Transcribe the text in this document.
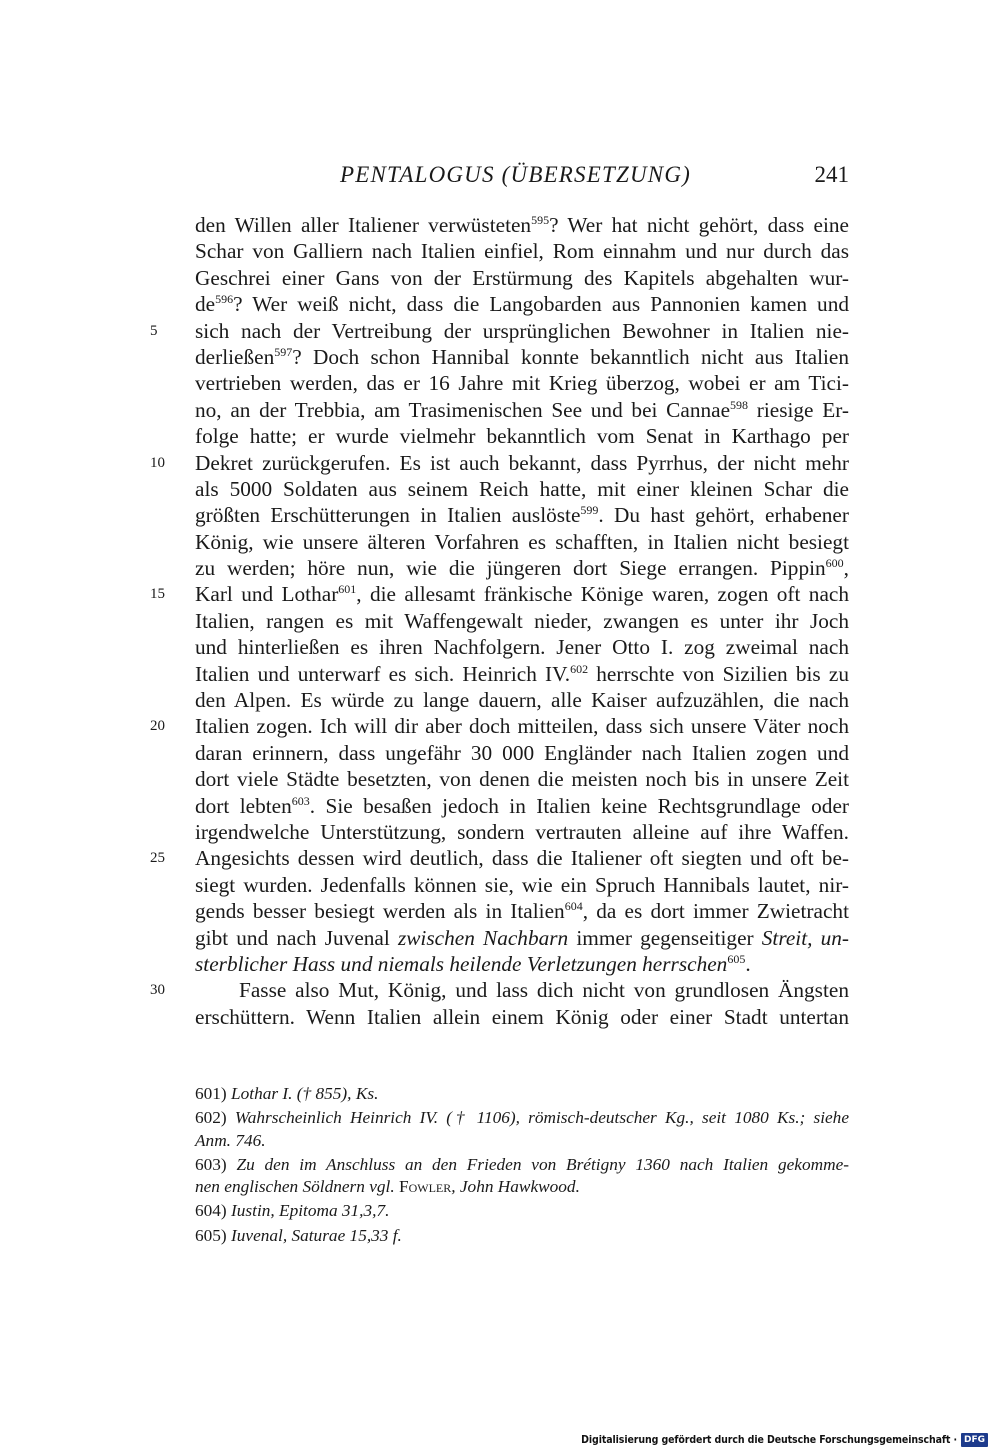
PENTALOGUS (ÜBERSETZUNG)	241
den Willen aller Italiener verwüsteten$^{595}$? Wer hat nicht gehört, dass eine
Schar von Galliern nach Italien einfiel, Rom einnahm und nur durch das
Geschrei einer Gans von der Erstürmung des Kapitels abgehalten wur-
$de^{596}$? Wer weiß nicht, dass die Langobarden aus Pannonien kamen und
5	sich nach der Vertreibung der ursprünglichen Bewohner in Italien nie-
derließen$^{597}$? Doch schon Hannibal konnte bekanntlich nicht aus Italien
vertrieben werden, das er 16 Jahre mit Krieg überzog, wobei er am Tici-
no, an der Trebbia, am Trasimenischen See und bei Cannae$^{598}$ riesige Er-
folge hatte; er wurde vielmehr bekanntlich vom Senat in Karthago per
10	Dekret zurückgerufen. Es ist auch bekannt, dass Pyrrhus, der nicht mehr
als 5000 Soldaten aus seinem Reich hatte, mit einer kleinen Schar die
größten Erschütterungen in Italien auslöste$^{599}$. Du hast gehört, erhabener
König, wie unsere älteren Vorfahren es schafften, in Italien nicht besiegt
zu werden; höre nun, wie die jüngeren dort Siege errangen. Pippin$^{600}$,
15	Karl und Lothar$^{601}$, die allesamt fränkische Könige waren, zogen oft nach
Italien, rangen es mit Waffengewalt nieder, zwangen es unter ihr Joch
und hinterließen es ihren Nachfolgern. Jener Otto I. zog zweimal nach
Italien und unterwarf es sich. Heinrich IV.$^{602}$ herrschte von Sizilien bis zu
den Alpen. Es würde zu lange dauern, alle Kaiser aufzuzählen, die nach
20	Italien zogen. Ich will dir aber doch mitteilen, dass sich unsere Väter noch
daran erinnern, dass ungefähr 30 000 Engländer nach Italien zogen und
dort viele Städte besetzten, von denen die meisten noch bis in unsere Zeit
dort lebten$^{603}$. Sie besaßen jedoch in Italien keine Rechtsgrundlage oder
irgendwelche Unterstützung, sondern vertrauten alleine auf ihre Waffen.
25	Angesichts dessen wird deutlich, dass die Italiener oft siegten und oft be-
siegt wurden. Jedenfalls können sie, wie ein Spruch Hannibals lautet, nir-
gends besser besiegt werden als in Italien$^{604}$, da es dort immer Zwietracht
gibt und nach Juvenal zwischen Nachbarn immer gegenseitiger Streit, un-
sterblicher Hass und niemals heilende Verletzungen herrschen$^{605}$.
30	Fasse also Mut, König, und lass dich nicht von grundlosen Ängsten
erschüttern. Wenn Italien allein einem König oder einer Stadt untertan
601) Lothar I. († 855), Ks.
602) Wahrscheinlich Heinrich IV. († 1106), römisch-deutscher Kg., seit 1080 Ks.; siehe
Anm. 746.
603) Zu den im Anschluss an den Frieden von Brétigny 1360 nach Italien gekomme-
nen englischen Söldnern vgl. Fowler, John Hawkwood.
604) Iustin, Epitoma 31,3,7.
605) Iuvenal, Saturae 15,33 f.
Digitalisierung gefördert durch die Deutsche Forschungsgemeinschaft · DFG
